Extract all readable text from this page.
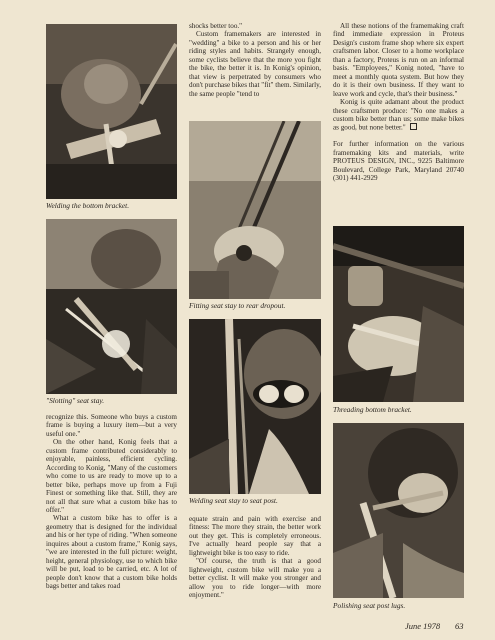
Welding the bottom bracket.
"Slotting" seat stay.

recognize this. Someone who buys a custom frame is buying a luxury item—but a very useful one."

On the other hand, Konig feels that a custom frame contributed considerably to enjoyable, painless, efficient cycling. According to Konig, "Many of the customers who come to us are ready to move up to a better bike, perhaps move up from a Fuji Finest or something like that. Still, they are not all that sure what a custom bike has to offer."

What a custom bike has to offer is a geometry that is designed for the individual and his or her type of riding. "When someone inquires about a custom frame," Konig says, "we are interested in the full picture: weight, height, general physiology, use to which bike will be put, load to be carried, etc. A lot of people don't know that a custom bike holds bags better and takes road

shocks better too."

Custom framemakers are interested in "wedding" a bike to a person and his or her riding styles and habits. Strangely enough, some cyclists believe that the more you fight the bike, the better it is. In Konig's opinion, that view is perpetrated by consumers who don't purchase bikes that "fit" them. Similarly, the same people "tend to

Fitting seat stay to rear dropout.
Welding seat stay to seat post.

equate strain and pain with exercise and fitness: The more they strain, the better work out they get. This is completely erroneous. I've actually heard people say that a lightweight bike is too easy to ride.

"Of course, the truth is that a good lightweight, custom bike will make you a better cyclist. It will make you stronger and allow you to ride longer—with more enjoyment."

All these notions of the framemaking craft find immediate expression in Proteus Design's custom frame shop where six expert craftsmen labor. Closer to a home workplace than a factory, Proteus is run on an informal basis. "Employees," Konig noted, "have to meet a monthly quota system. But how they do it is their own business. If they want to leave work and cycle, that's their business."

Konig is quite adamant about the product these craftsmen produce: "No one makes a custom bike better than us; some make bikes as good, but none better."

For further information on the various framemaking kits and materials, write PROTEUS DESIGN, INC., 9225 Baltimore Boulevard, College Park, Maryland 20740 (301) 441-2929

Threading bottom bracket.
Polishing seat post lugs.
June 1978 63
